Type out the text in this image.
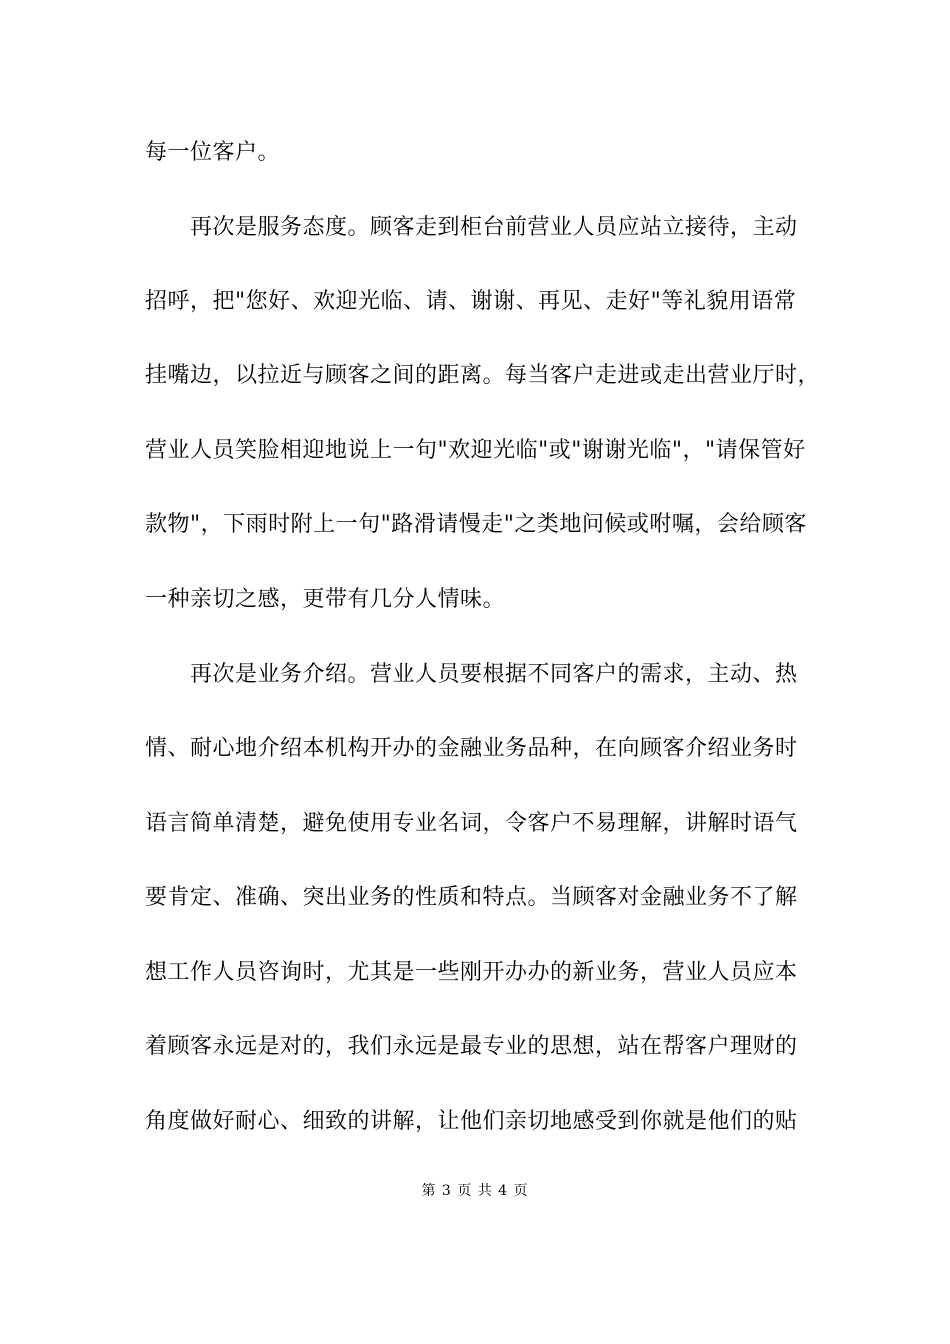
每一位客户。
再次是服务态度。顾客走到柜台前营业人员应站立接待，主动
招呼，把"您好、欢迎光临、请、谢谢、再见、走好"等礼貌用语常
挂嘴边，以拉近与顾客之间的距离。每当客户走进或走出营业厅时，
营业人员笑脸相迎地说上一句"欢迎光临"或"谢谢光临"，"请保管好
款物"，下雨时附上一句"路滑请慢走"之类地问候或咐嘱，会给顾客
一种亲切之感，更带有几分人情味。
再次是业务介绍。营业人员要根据不同客户的需求，主动、热
情、耐心地介绍本机构开办的金融业务品种，在向顾客介绍业务时
语言简单清楚，避免使用专业名词，令客户不易理解，讲解时语气
要肯定、准确、突出业务的性质和特点。当顾客对金融业务不了解
想工作人员咨询时，尤其是一些刚开办办的新业务，营业人员应本
着顾客永远是对的，我们永远是最专业的思想，站在帮客户理财的
角度做好耐心、细致的讲解，让他们亲切地感受到你就是他们的贴
第 3 页 共 4 页
